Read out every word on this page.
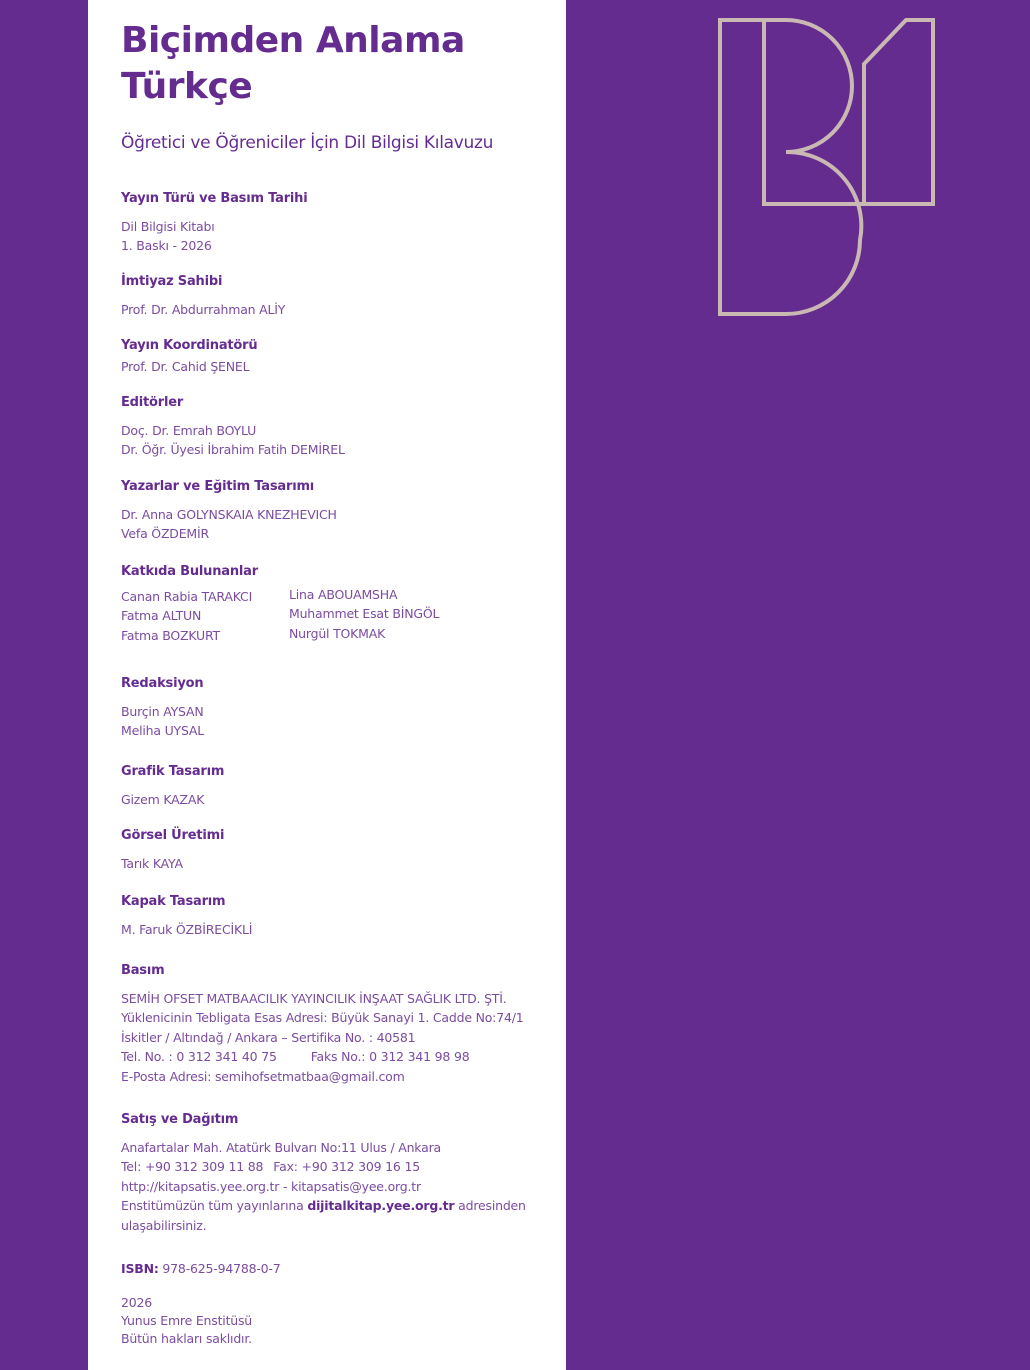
Biçimden Anlama
Türkçe

Öğretici ve Öğreniciler İçin Dil Bilgisi Kılavuzu

Yayın Türü ve Basım Tarihi
Dil Bilgisi Kitabı
1. Baskı - 2026
İmtiyaz Sahibi
Prof. Dr. Abdurrahman ALİY
Yayın Koordinatörü
Prof. Dr. Cahid ŞENEL
Editörler
Doç. Dr. Emrah BOYLU
Dr. Öğr. Üyesi İbrahim Fatih DEMİREL
Yazarlar ve Eğitim Tasarımı
Dr. Anna GOLYNSKAIA KNEZHEVICH
Vefa ÖZDEMİR
Katkıda Bulunanlar
Canan Rabia TARAKCI
Fatma ALTUN
Fatma BOZKURT
Lina ABOUAMSHA
Muhammet Esat BİNGÖL
Nurgül TOKMAK
Redaksiyon
Burçin AYSAN
Meliha UYSAL
Grafik Tasarım
Gizem KAZAK
Görsel Üretimi
Tarık KAYA
Kapak Tasarım
M. Faruk ÖZBİRECİKLİ
Basım
SEMİH OFSET MATBAACILIK YAYINCILIK İNŞAAT SAĞLIK LTD. ŞTİ.
Yüklenicinin Tebligata Esas Adresi: Büyük Sanayi 1. Cadde No:74/1
İskitler / Altındağ / Ankara – Sertifika No. : 40581
Tel. No. : 0 312 341 40 75	Faks No.: 0 312 341 98 98
E-Posta Adresi: semihofsetmatbaa@gmail.com
Satış ve Dağıtım
Anafartalar Mah. Atatürk Bulvarı No:11 Ulus / Ankara
Tel: +90 312 309 11 88 Fax: +90 312 309 16 15
http://kitapsatis.yee.org.tr - kitapsatis@yee.org.tr
Enstitümüzün tüm yayınlarına dijitalkitap.yee.org.tr adresinden
ulaşabilirsiniz.
ISBN: 978-625-94788-0-7
2026
Yunus Emre Enstitüsü
Bütün hakları saklıdır.
